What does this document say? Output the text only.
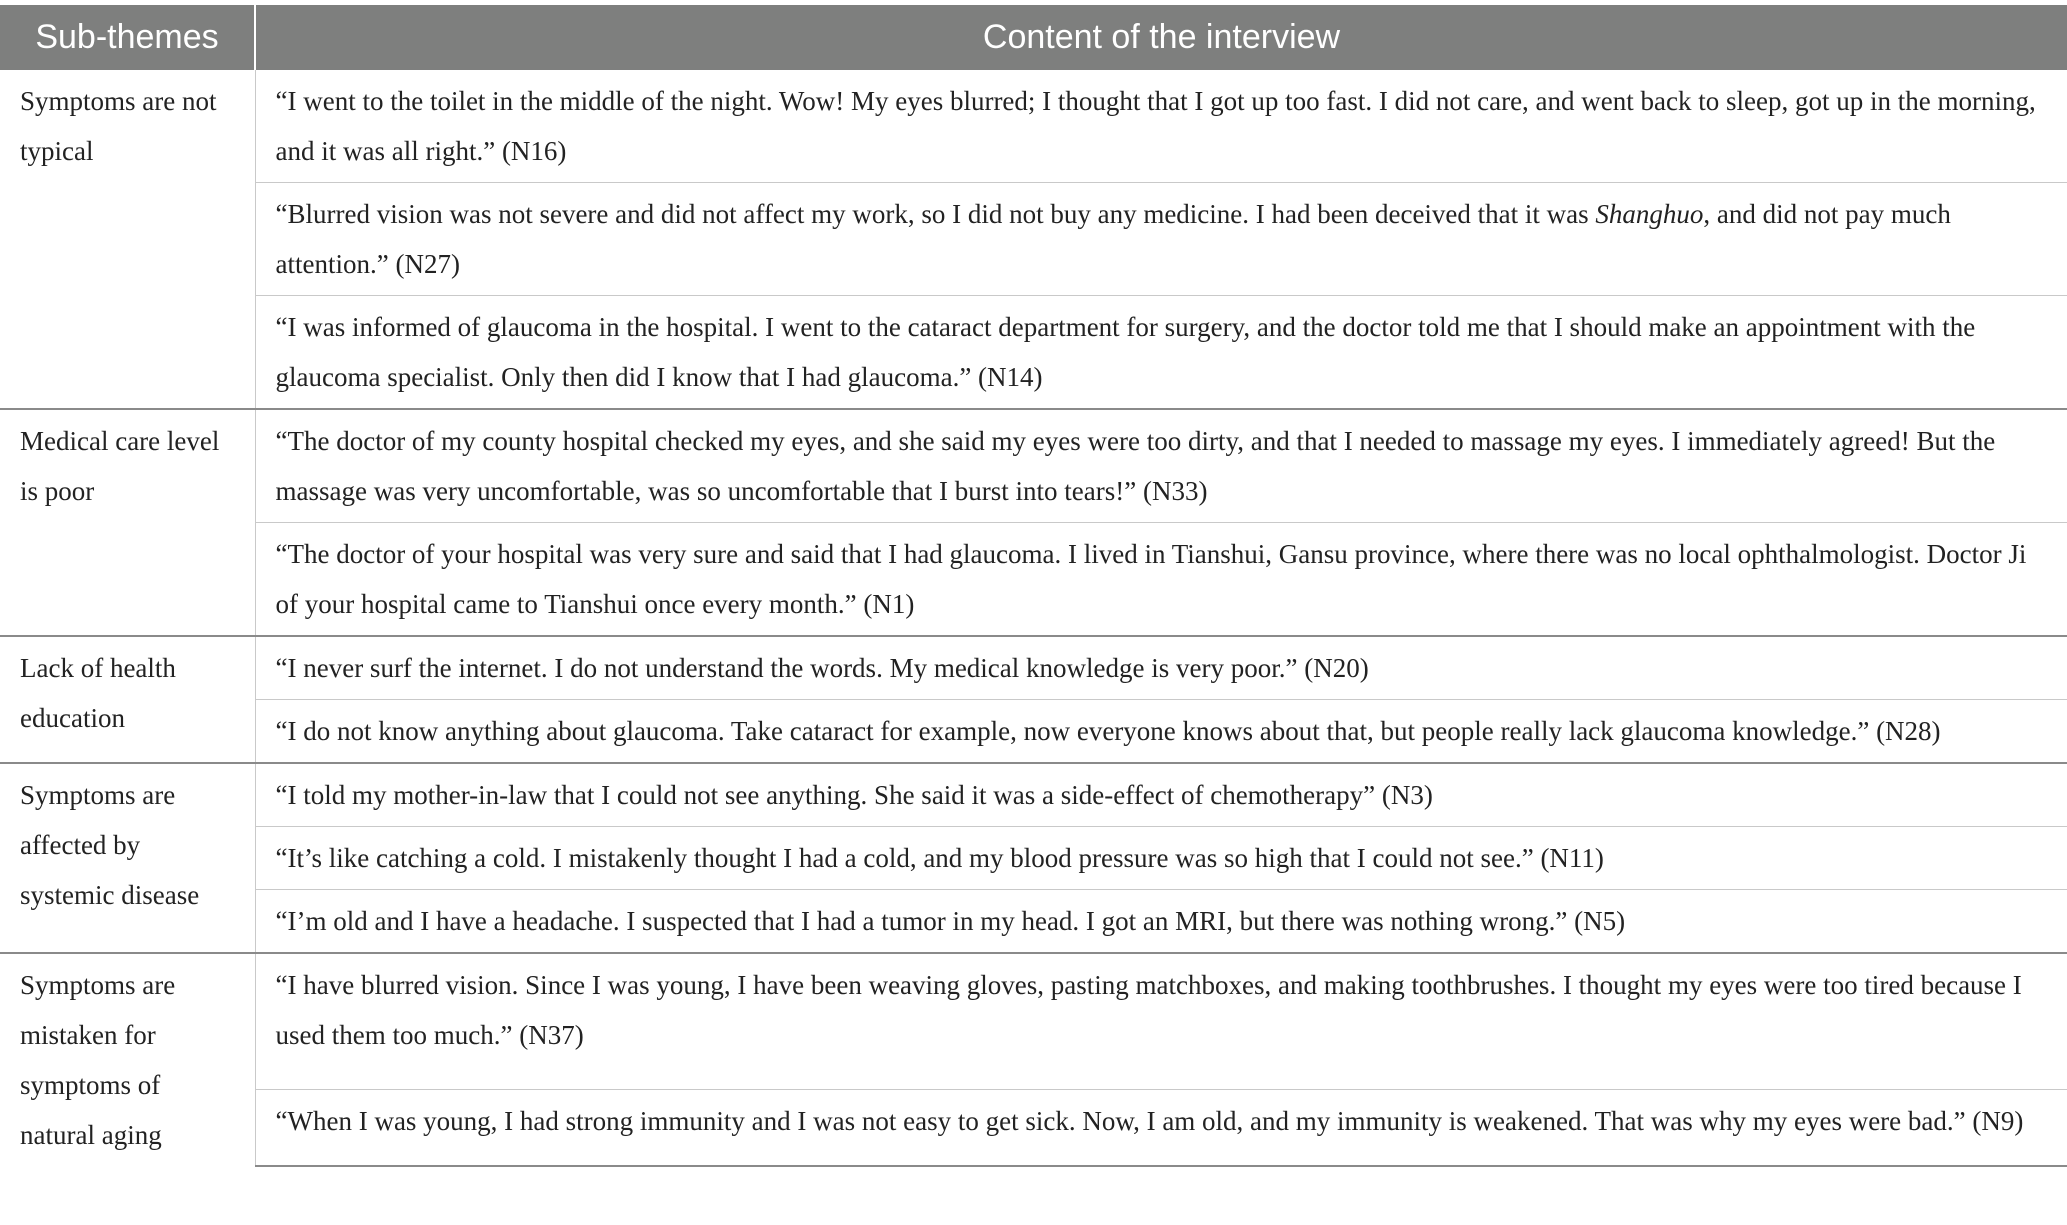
Sub-themes	Content of the interview
Symptoms are not typical	“I went to the toilet in the middle of the night. Wow! My eyes blurred; I thought that I got up too fast. I did not care, and went back to sleep, got up in the morning, and it was all right.” (N16)

	“Blurred vision was not severe and did not affect my work, so I did not buy any medicine. I had been deceived that it was Shanghuo, and did not pay much attention.” (N27)

	“I was informed of glaucoma in the hospital. I went to the cataract department for surgery, and the doctor told me that I should make an appointment with the glaucoma specialist. Only then did I know that I had glaucoma.” (N14)

Medical care level is poor	“The doctor of my county hospital checked my eyes, and she said my eyes were too dirty, and that I needed to massage my eyes. I immediately agreed! But the massage was very uncomfortable, was so uncomfortable that I burst into tears!” (N33)

	“The doctor of your hospital was very sure and said that I had glaucoma. I lived in Tianshui, Gansu province, where there was no local ophthalmologist. Doctor Ji of your hospital came to Tianshui once every month.” (N1)

Lack of health education	“I never surf the internet. I do not understand the words. My medical knowledge is very poor.” (N20)

	“I do not know anything about glaucoma. Take cataract for example, now everyone knows about that, but people really lack glaucoma knowledge.” (N28)

Symptoms are affected by systemic disease	“I told my mother-in-law that I could not see anything. She said it was a side-effect of chemotherapy” (N3)

	“It’s like catching a cold. I mistakenly thought I had a cold, and my blood pressure was so high that I could not see.” (N11)

	“I’m old and I have a headache. I suspected that I had a tumor in my head. I got an MRI, but there was nothing wrong.” (N5)

Symptoms are mistaken for symptoms of natural aging	“I have blurred vision. Since I was young, I have been weaving gloves, pasting matchboxes, and making toothbrushes. I thought my eyes were too tired because I used them too much.” (N37)

	“When I was young, I had strong immunity and I was not easy to get sick. Now, I am old, and my immunity is weakened. That was why my eyes were bad.” (N9)
